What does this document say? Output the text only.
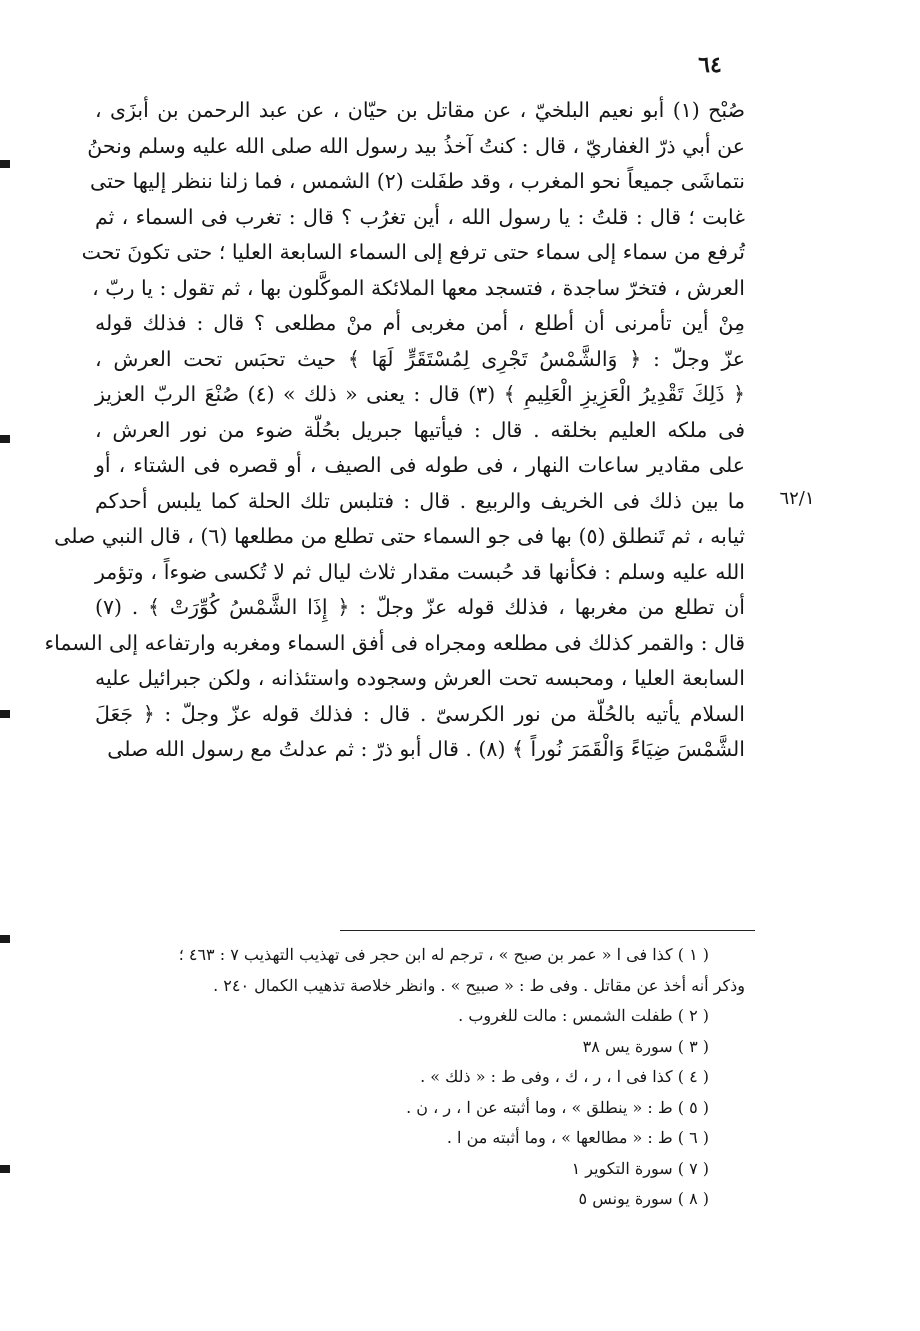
٦٤
صُبْح (١) أبو نعيم البلخيّ ، عن مقاتل بن حيّان ، عن عبد الرحمن بن أبزَى ،
عن أبي ذرّ الغفاريّ ، قال : كنتُ آخذُ بيد رسول الله صلى الله عليه وسلم ونحنُ
نتماشَى جميعاً نحو المغرب ، وقد طفَلت (٢) الشمس ، فما زلنا ننظر إليها حتى
غابت ؛ قال : قلتُ : يا رسول الله ، أين تغرُب ؟ قال : تغرب فى السماء ، ثم
تُرفع من سماء إلى سماء حتى ترفع إلى السماء السابعة العليا ؛ حتى تكونَ تحت
العرش ، فتخرّ ساجدة ، فتسجد معها الملائكة الموكَّلون بها ، ثم تقول : يا ربّ ،
مِنْ أين تأمرنى أن أطلع ، أمن مغربى أم منْ مطلعى ؟ قال : فذلك قوله
عزّ وجلّ : ﴿ وَالشَّمْسُ تَجْرِى لِمُسْتَقَرٍّ لَهَا ﴾ حيث تحبَس تحت العرش ،
﴿ ذَلِكَ تَقْدِيرُ الْعَزِيزِ الْعَلِيمِ ﴾ (٣) قال : يعنى « ذلك » (٤) صُنْعَ الربّ العزيز
فى ملكه العليم بخلقه . قال : فيأتيها جبريل بحُلّة ضوء من نور العرش ،
على مقادير ساعات النهار ، فى طوله فى الصيف ، أو قصره فى الشتاء ، أو
ما بين ذلك فى الخريف والربيع . قال : فتلبس تلك الحلة كما يلبس أحدكم
ثيابه ، ثم تَنطلق (٥) بها فى جو السماء حتى تطلع من مطلعها (٦) ، قال النبي صلى
الله عليه وسلم : فكأنها قد حُبست مقدار ثلاث ليال ثم لا تُكسى ضوءاً ، وتؤمر
أن تطلع من مغربها ، فذلك قوله عزّ وجلّ : ﴿ إِذَا الشَّمْسُ كُوِّرَتْ ﴾ . (٧)
قال : والقمر كذلك فى مطلعه ومجراه فى أفق السماء ومغربه وارتفاعه إلى السماء
السابعة العليا ، ومحبسه تحت العرش وسجوده واستئذانه ، ولكن جبرائيل عليه
السلام يأتيه بالحُلّة من نور الكرسىّ . قال : فذلك قوله عزّ وجلّ : ﴿ جَعَلَ
الشَّمْسَ ضِيَاءً وَالْقَمَرَ نُوراً ﴾ (٨) . قال أبو ذرّ : ثم عدلتُ مع رسول الله صلى
٦٢/١
( ١ ) كذا فى ا « عمر بن صبح » ، ترجم له ابن حجر فى تهذيب التهذيب ٧ : ٤٦٣ ؛
وذكر أنه أخذ عن مقاتل . وفى ط : « صبيح » . وانظر خلاصة تذهيب الكمال ٢٤٠ .
( ٢ ) طفلت الشمس : مالت للغروب .
( ٣ ) سورة يس ٣٨
( ٤ ) كذا فى ا ، ر ، ك ، وفى ط : « ذلك » .
( ٥ ) ط : « ينطلق » ، وما أثبته عن ا ، ر ، ن .
( ٦ ) ط : « مطالعها » ، وما أثبته من ا .
( ٧ ) سورة التكوير ١
( ٨ ) سورة يونس ٥
